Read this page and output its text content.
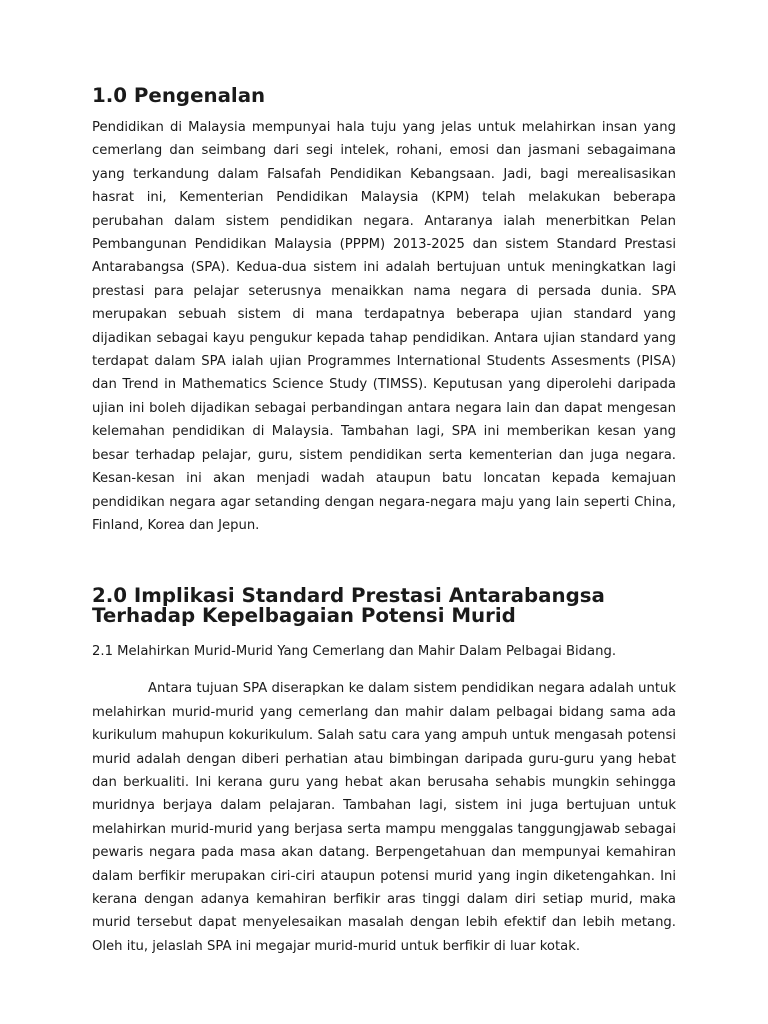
1.0 Pengenalan

Pendidikan di Malaysia mempunyai hala tuju yang jelas untuk melahirkan insan yang cemerlang dan seimbang dari segi intelek, rohani, emosi dan jasmani sebagaimana yang terkandung dalam Falsafah Pendidikan Kebangsaan. Jadi, bagi merealisasikan hasrat ini, Kementerian Pendidikan Malaysia (KPM) telah melakukan beberapa perubahan dalam sistem pendidikan negara. Antaranya ialah menerbitkan Pelan Pembangunan Pendidikan Malaysia (PPPM) 2013-2025 dan sistem Standard Prestasi Antarabangsa (SPA). Kedua-dua sistem ini adalah bertujuan untuk meningkatkan lagi prestasi para pelajar seterusnya menaikkan nama negara di persada dunia. SPA merupakan sebuah sistem di mana terdapatnya beberapa ujian standard yang dijadikan sebagai kayu pengukur kepada tahap pendidikan. Antara ujian standard yang terdapat dalam SPA ialah ujian Programmes International Students Assesments (PISA) dan Trend in Mathematics Science Study (TIMSS). Keputusan yang diperolehi daripada ujian ini boleh dijadikan sebagai perbandingan antara negara lain dan dapat mengesan kelemahan pendidikan di Malaysia. Tambahan lagi, SPA ini memberikan kesan yang besar terhadap pelajar, guru, sistem pendidikan serta kementerian dan juga negara. Kesan-kesan ini akan menjadi wadah ataupun batu loncatan kepada kemajuan pendidikan negara agar setanding dengan negara-negara maju yang lain seperti China, Finland, Korea dan Jepun.

2.0 Implikasi Standard Prestasi Antarabangsa Terhadap Kepelbagaian Potensi Murid

2.1 Melahirkan Murid-Murid Yang Cemerlang dan Mahir Dalam Pelbagai Bidang.

Antara tujuan SPA diserapkan ke dalam sistem pendidikan negara adalah untuk melahirkan murid-murid yang cemerlang dan mahir dalam pelbagai bidang sama ada kurikulum mahupun kokurikulum. Salah satu cara yang ampuh untuk mengasah potensi murid adalah dengan diberi perhatian atau bimbingan daripada guru-guru yang hebat dan berkualiti. Ini kerana guru yang hebat akan berusaha sehabis mungkin sehingga muridnya berjaya dalam pelajaran. Tambahan lagi, sistem ini juga bertujuan untuk melahirkan murid-murid yang berjasa serta mampu menggalas tanggungjawab sebagai pewaris negara pada masa akan datang. Berpengetahuan dan mempunyai kemahiran dalam berfikir merupakan ciri-ciri ataupun potensi murid yang ingin diketengahkan. Ini kerana dengan adanya kemahiran berfikir aras tinggi dalam diri setiap murid, maka murid tersebut dapat menyelesaikan masalah dengan lebih efektif dan lebih metang. Oleh itu, jelaslah SPA ini megajar murid-murid untuk berfikir di luar kotak.
